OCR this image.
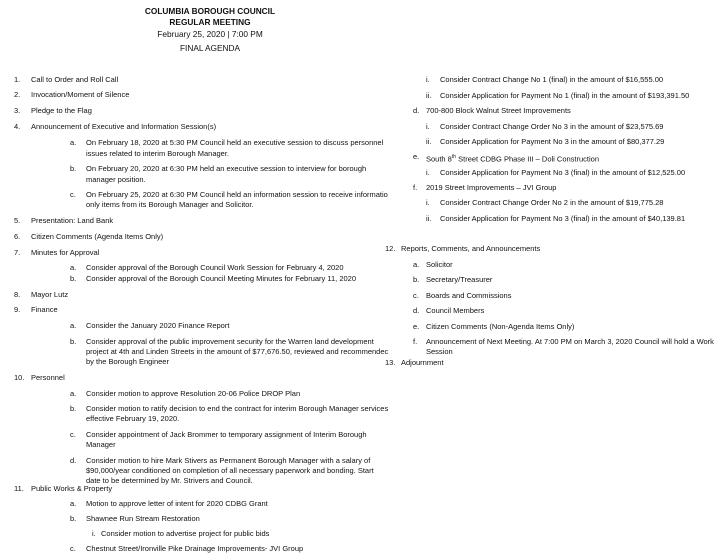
COLUMBIA BOROUGH COUNCIL
REGULAR MEETING
February 25, 2020 | 7:00 PM
FINAL AGENDA
1. Call to Order and Roll Call
2. Invocation/Moment of Silence
3. Pledge to the Flag
4. Announcement of Executive and Information Session(s)
a. On February 18, 2020 at 5:30 PM Council held an executive session to discuss personnel
issues related to interim Borough Manager.
b. On February 20, 2020 at 6:30 PM held an executive session to interview for borough
manager position.
c. On February 25, 2020 at 6:30 PM Council held an information session to receive informatio
only items from its Borough Manager and Solicitor.
5. Presentation: Land Bank
6. Citizen Comments (Agenda Items Only)
7. Minutes for Approval
a. Consider approval of the Borough Council Work Session for February 4, 2020
b. Consider approval of the Borough Council Meeting Minutes for February 11, 2020
8. Mayor Lutz
9. Finance
a. Consider the January 2020 Finance Report
b. Consider approval of the public improvement security for the Warren land development
project at 4th and Linden Streets in the amount of $77,676.50, reviewed and recommendec
by the Borough Engineer
10. Personnel
a. Consider motion to approve Resolution 20-06 Police DROP Plan
b. Consider motion to ratify decision to end the contract for interim Borough Manager services
effective February 19, 2020.
c. Consider appointment of Jack Brommer to temporary assignment of Interim Borough
Manager
d. Consider motion to hire Mark Stivers as Permanent Borough Manager with a salary of
$90,000/year conditioned on completion of all necessary paperwork and bonding. Start
date to be determined by Mr. Strivers and Council.
11. Public Works & Property
a. Motion to approve letter of intent for 2020 CDBG Grant
b. Shawnee Run Stream Restoration
i. Consider motion to advertise project for public bids
c. Chestnut Street/Ironville Pike Drainage Improvements- JVI Group
i. Consider Contract Change No 1 (final) in the amount of $16,555.00
ii. Consider Application for Payment No 1 (final) in the amount of $193,391.50
d. 700-800 Block Walnut Street Improvements
i. Consider Contract Change Order No 3 in the amount of $23,575.69
ii. Consider Application for Payment No 3 in the amount of $80,377.29
e. South 8th Street CDBG Phase III – Doli Construction
i. Consider Application for Payment No 3 (final) in the amount of $12,525.00
f. 2019 Street Improvements – JVI Group
i. Consider Contract Change Order No 2 in the amount of $19,775.28
ii. Consider Application for Payment No 3 (final) in the amount of $40,139.81
12. Reports, Comments, and Announcements
a. Solicitor
b. Secretary/Treasurer
c. Boards and Commissions
d. Council Members
e. Citizen Comments (Non-Agenda Items Only)
f. Announcement of Next Meeting. At 7:00 PM on March 3, 2020 Council will hold a Work
Session
13. Adjournment
